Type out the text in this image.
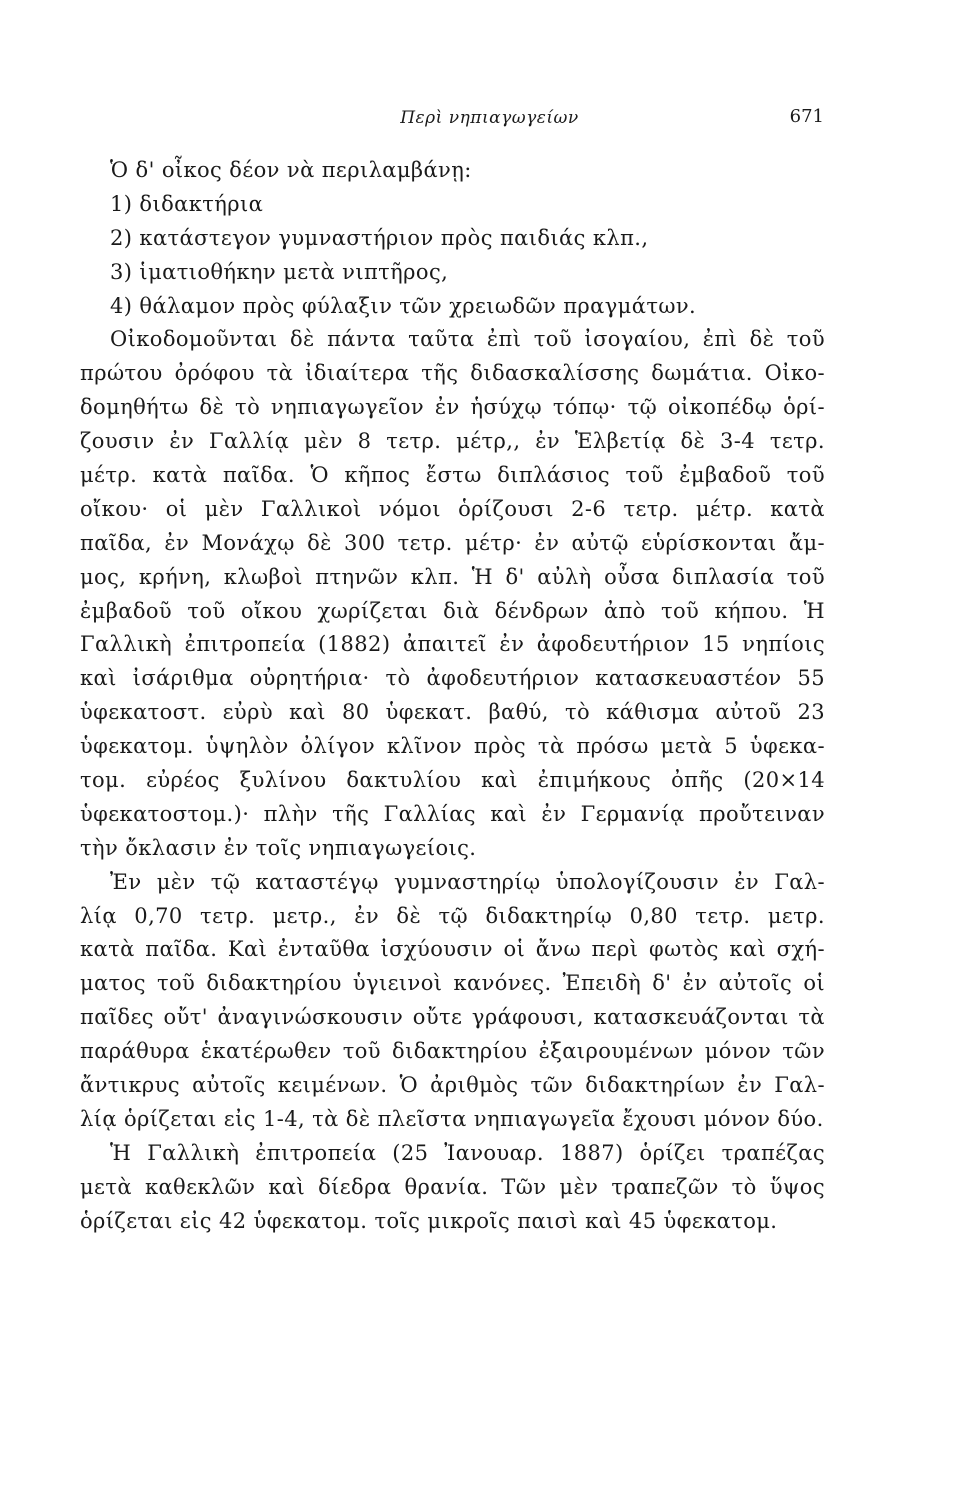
Περὶ νηπιαγωγείων	671
Ὁ δ' οἶκος δέον νὰ περιλαμβάνῃ:
1) διδακτήρια
2) κατάστεγον γυμναστήριον πρὸς παιδιάς κλπ.,
3) ἱματιοθήκην μετὰ νιπτῆρος,
4) θάλαμον πρὸς φύλαξιν τῶν χρειωδῶν πραγμάτων.
Οἰκοδομοῦνται δὲ πάντα ταῦτα ἐπὶ τοῦ ἰσογαίου, ἐπὶ δὲ τοῦ
πρώτου ὀρόφου τὰ ἰδιαίτερα τῆς διδασκαλίσσης δωμάτια. Οἰκο-
δομηθήτω δὲ τὸ νηπιαγωγεῖον ἐν ἡσύχῳ τόπῳ· τῷ οἰκοπέδῳ ὁρί-
ζουσιν ἐν Γαλλίᾳ μὲν 8 τετρ. μέτρ,, ἐν Ἑλβετίᾳ δὲ 3-4 τετρ.
μέτρ. κατὰ παῖδα. Ὁ κῆπος ἔστω διπλάσιος τοῦ ἐμβαδοῦ τοῦ
οἴκου· οἱ μὲν Γαλλικοὶ νόμοι ὁρίζουσι 2-6 τετρ. μέτρ. κατὰ
παῖδα, ἐν Μονάχῳ δὲ 300 τετρ. μέτρ· ἐν αὐτῷ εὑρίσκονται ἄμ-
μος, κρήνη, κλωβοὶ πτηνῶν κλπ. Ἡ δ' αὐλὴ οὖσα διπλασία τοῦ
ἐμβαδοῦ τοῦ οἴκου χωρίζεται διὰ δένδρων ἀπὸ τοῦ κήπου. Ἡ
Γαλλικὴ ἐπιτροπεία (1882) ἀπαιτεῖ ἐν ἀφοδευτήριον 15 νηπίοις
καὶ ἰσάριθμα οὐρητήρια· τὸ ἀφοδευτήριον κατασκευαστέον 55
ὑφεκατοστ. εὐρὺ καὶ 80 ὑφεκατ. βαθύ, τὸ κάθισμα αὐτοῦ 23
ὑφεκατομ. ὑψηλὸν ὀλίγον κλῖνον πρὸς τὰ πρόσω μετὰ 5 ὑφεκα-
τομ. εὐρέος ξυλίνου δακτυλίου καὶ ἐπιμήκους ὀπῆς (20×14
ὑφεκατοστομ.)· πλὴν τῆς Γαλλίας καὶ ἐν Γερμανίᾳ προὔτειναν
τὴν ὄκλασιν ἐν τοῖς νηπιαγωγείοις.
Ἐν μὲν τῷ καταστέγῳ γυμναστηρίῳ ὑπολογίζουσιν ἐν Γαλ-
λίᾳ 0,70 τετρ. μετρ., ἐν δὲ τῷ διδακτηρίῳ 0,80 τετρ. μετρ.
κατὰ παῖδα. Καὶ ἐνταῦθα ἰσχύουσιν οἱ ἄνω περὶ φωτὸς καὶ σχή-
ματος τοῦ διδακτηρίου ὑγιεινοὶ κανόνες. Ἐπειδὴ δ' ἐν αὐτοῖς οἱ
παῖδες οὔτ' ἀναγινώσκουσιν οὔτε γράφουσι, κατασκευάζονται τὰ
παράθυρα ἑκατέρωθεν τοῦ διδακτηρίου ἐξαιρουμένων μόνον τῶν
ἄντικρυς αὐτοῖς κειμένων. Ὁ ἀριθμὸς τῶν διδακτηρίων ἐν Γαλ-
λίᾳ ὁρίζεται εἰς 1-4, τὰ δὲ πλεῖστα νηπιαγωγεῖα ἔχουσι μόνον δύο.
Ἡ Γαλλικὴ ἐπιτροπεία (25 Ἰανουαρ. 1887) ὁρίζει τραπέζας
μετὰ καθεκλῶν καὶ δίεδρα θρανία. Τῶν μὲν τραπεζῶν τὸ ὕψος
ὁρίζεται εἰς 42 ὑφεκατομ. τοῖς μικροῖς παισὶ καὶ 45 ὑφεκατομ.
